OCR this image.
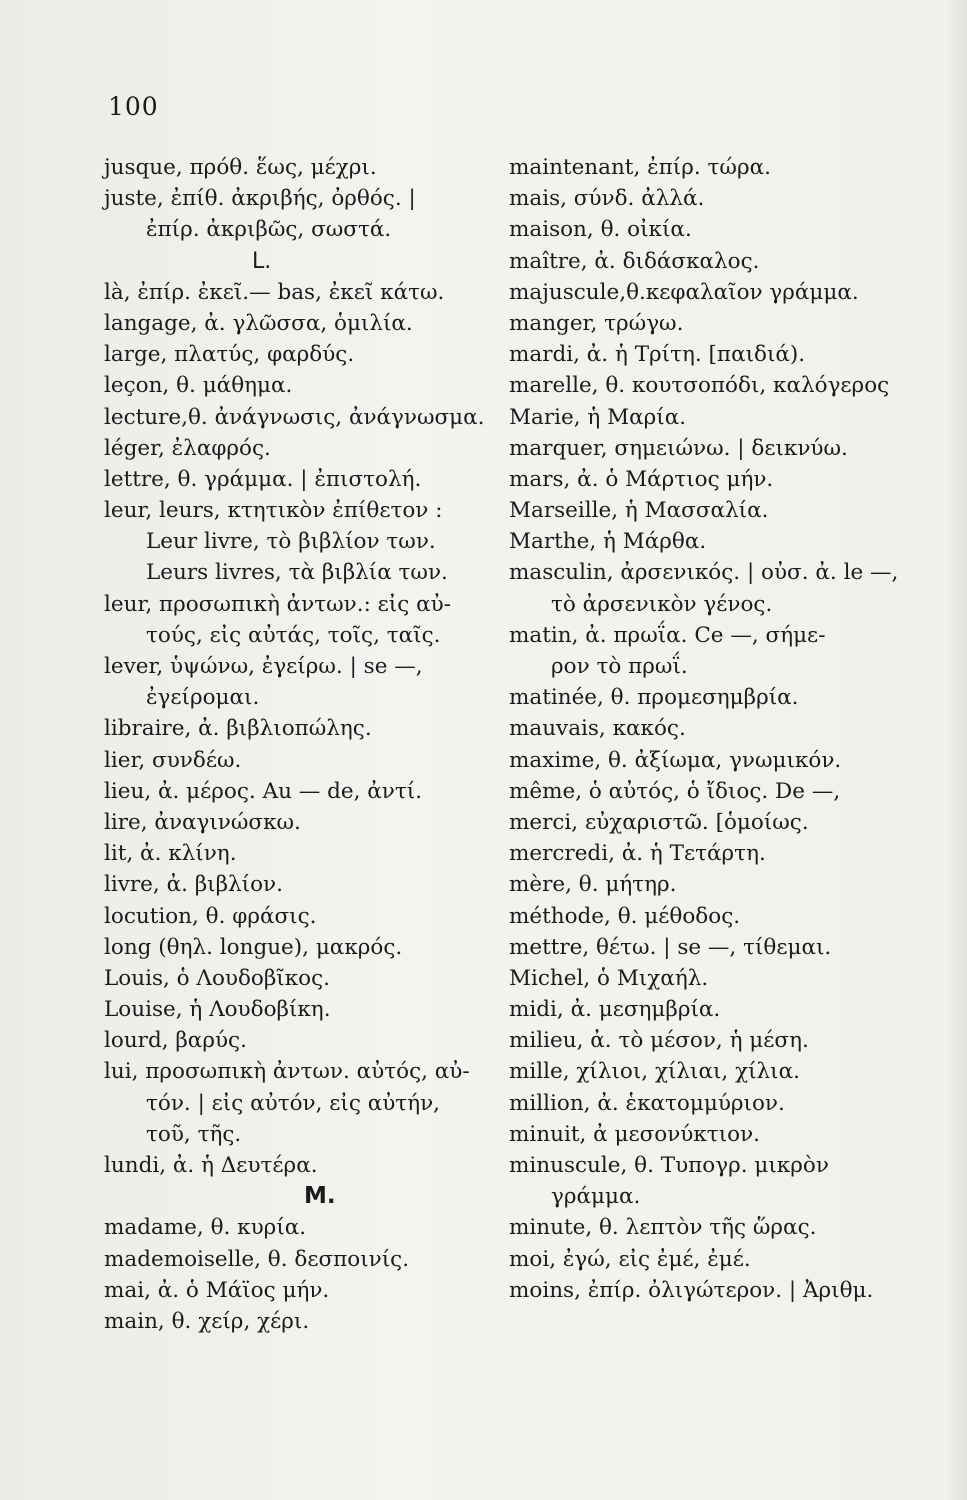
100
jusque, πρόθ. ἕως, μέχρι.
juste, ἐπίθ. ἀκριβής, ὀρθός. |
ἐπίρ. ἀκριβῶς, σωστά.
L.
là, ἐπίρ. ἐκεῖ.— bas, ἐκεῖ κάτω.
langage, ἀ. γλῶσσα, ὁμιλία.
large, πλατύς, φαρδύς.
leçon, θ. μάθημα.
lecture,θ. ἀνάγνωσις, ἀνάγνωσμα.
léger, ἐλαφρός.
lettre, θ. γράμμα. | ἐπιστολή.
leur, leurs, κτητικὸν ἐπίθετον :
Leur livre, τὸ βιβλίον των.
Leurs livres, τὰ βιβλία των.
leur, προσωπικὴ ἀντων.: εἰς αὐ-
τούς, εἰς αὐτάς, τοῖς, ταῖς.
lever, ὑψώνω, ἐγείρω. | se —,
ἐγείρομαι.
libraire, ἀ. βιβλιοπώλης.
lier, συνδέω.
lieu, ἀ. μέρος. Au — de, ἀντί.
lire, ἀναγινώσκω.
lit, ἀ. κλίνη.
livre, ἀ. βιβλίον.
locution, θ. φράσις.
long (θηλ. longue), μακρός.
Louis, ὁ Λουδοβῖκος.
Louise, ἡ Λουδοβίκη.
lourd, βαρύς.
lui, προσωπικὴ ἀντων. αὐτός, αὐ-
τόν. | εἰς αὐτόν, εἰς αὐτήν,
τοῦ, τῆς.
lundi, ἀ. ἡ Δευτέρα.
M.
madame, θ. κυρία.
mademoiselle, θ. δεσποινίς.
mai, ἀ. ὁ Μάϊος μήν.
main, θ. χείρ, χέρι.
maintenant, ἐπίρ. τώρα.
mais, σύνδ. ἀλλά.
maison, θ. οἰκία.
maître, ἀ. διδάσκαλος.
majuscule,θ.κεφαλαῖον γράμμα.
manger, τρώγω.
mardi, ἀ. ἡ Τρίτη. [παιδιά).
marelle, θ. κουτσοπόδι, καλόγερος
Marie, ἡ Μαρία.
marquer, σημειώνω. | δεικνύω.
mars, ἀ. ὁ Μάρτιος μήν.
Marseille, ἡ Μασσαλία.
Marthe, ἡ Μάρθα.
masculin, ἀρσενικός. | οὐσ. ἀ. le —,
τὸ ἀρσενικὸν γένος.
matin, ἀ. πρωΐα. Ce —, σήμε-
ρον τὸ πρωΐ.
matinée, θ. προμεσημβρία.
mauvais, κακός.
maxime, θ. ἀξίωμα, γνωμικόν.
même, ὁ αὐτός, ὁ ἴδιος. De —,
merci, εὐχαριστῶ. [ὁμοίως.
mercredi, ἀ. ἡ Τετάρτη.
mère, θ. μήτηρ.
méthode, θ. μέθοδος.
mettre, θέτω. | se —, τίθεμαι.
Michel, ὁ Μιχαήλ.
midi, ἀ. μεσημβρία.
milieu, ἀ. τὸ μέσον, ἡ μέση.
mille, χίλιοι, χίλιαι, χίλια.
million, ἀ. ἑκατομμύριον.
minuit, ἀ μεσονύκτιον.
minuscule, θ. Τυπογρ. μικρὸν
γράμμα.
minute, θ. λεπτὸν τῆς ὥρας.
moi, ἐγώ, εἰς ἐμέ, ἐμέ.
moins, ἐπίρ. ὀλιγώτερον. | Ἀριθμ.
